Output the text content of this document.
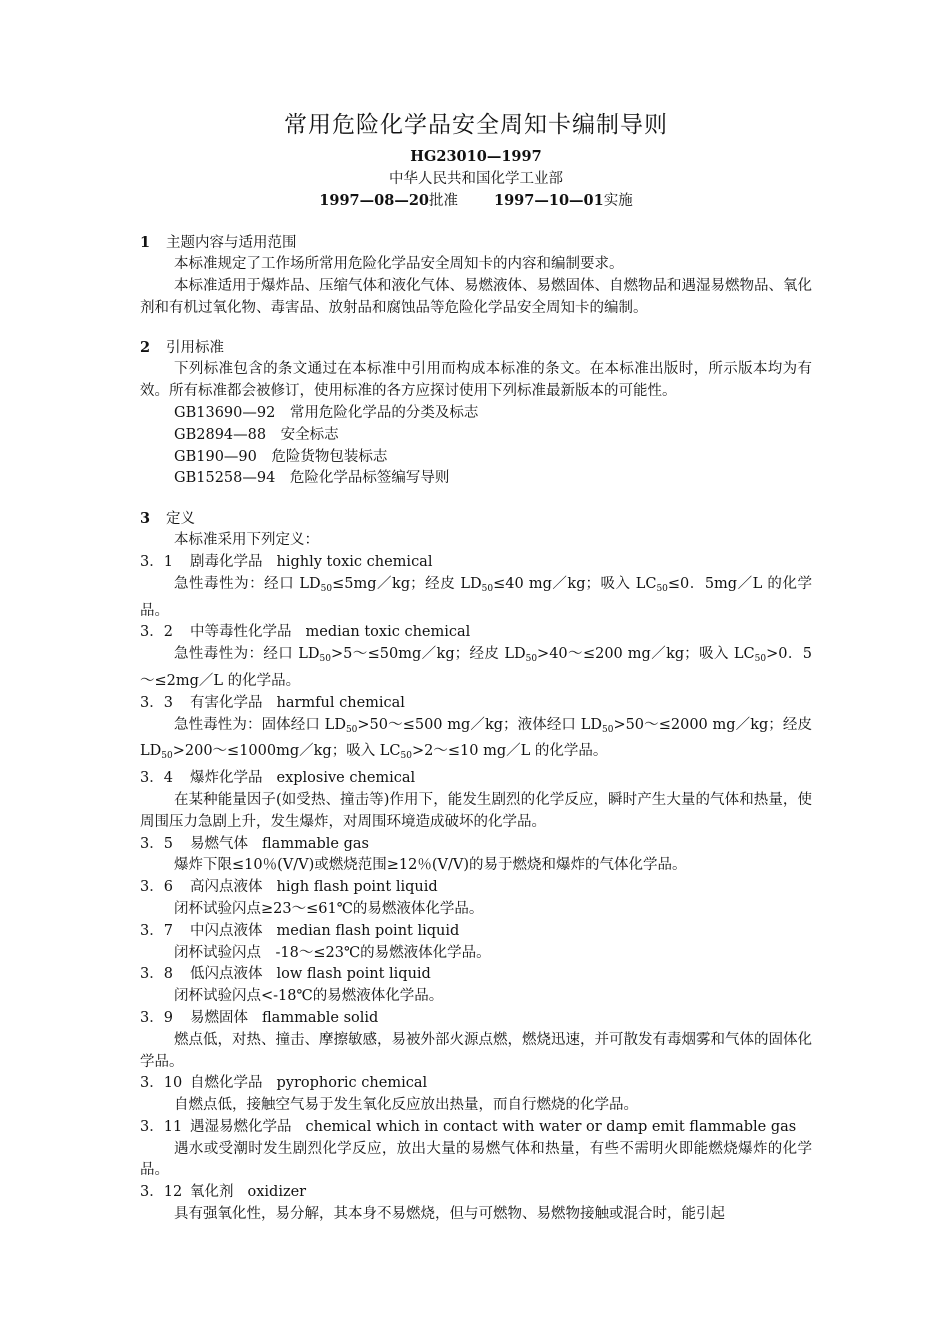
常用危险化学品安全周知卡编制导则
HG23010—1997
中华人民共和国化学工业部
1997—08—20批准 1997—10—01实施
1 主题内容与适用范围
本标准规定了工作场所常用危险化学品安全周知卡的内容和编制要求。
本标准适用于爆炸品、压缩气体和液化气体、易燃液体、易燃固体、自燃物品和遇湿易燃物品、氧化剂和有机过氧化物、毒害品、放射品和腐蚀品等危险化学品安全周知卡的编制。
2 引用标准
下列标准包含的条文通过在本标准中引用而构成本标准的条文。在本标准出版时，所示版本均为有效。所有标准都会被修订，使用标准的各方应探讨使用下列标准最新版本的可能性。
GB13690—92　 常用危险化学品的分类及标志
GB2894—88　 安全标志
GB190—90　 危险货物包装标志
GB15258—94　 危险化学品标签编写导则
3 定义
本标准采用下列定义：
3．1 剧毒化学品 highly toxic chemical
急性毒性为：经口 $LD_{50}\le 5mg/kg$；经皮 $LD_{50}\le 40$ mg／kg；吸入 $LC_{50}\le 0$．5mg／L 的化学品。
3．2 中等毒性化学品 median toxic chemical
急性毒性为：经口 $LD_{50}>5\sim\le 50mg/kg$；经皮 $LD_{50}>40\sim\le 200$ mg／kg；吸入 $LC_{50}>0$．5～≤2mg／L 的化学品。
3．3 有害化学品 harmful chemical
急性毒性为：固体经口 $LD_{50}>50\sim\le 500$ mg／kg；液体经口 $LD_{50}>50\sim\le 2000$ mg／kg；经皮 $LD_{50}>200\sim\le 1000mg/kg$；吸入 $LC_{50}>2\sim\le 10$ mg／L 的化学品。
3．4 爆炸化学品 explosive chemical
在某种能量因子(如受热、撞击等)作用下，能发生剧烈的化学反应，瞬时产生大量的气体和热量，使周围压力急剧上升，发生爆炸，对周围环境造成破坏的化学品。
3．5 易燃气体 flammable gas
爆炸下限≤10％(V/V)或燃烧范围≥12％(V/V)的易于燃烧和爆炸的气体化学品。
3．6 高闪点液体 high flash point liquid
闭杯试验闪点≥23～≤61℃的易燃液体化学品。
3．7 中闪点液体 median flash point liquid
闭杯试验闪点　-18～≤23℃的易燃液体化学品。
3．8 低闪点液体 low flash point liquid
闭杯试验闪点<-18℃的易燃液体化学品。
3．9 易燃固体 flammable solid
燃点低，对热、撞击、摩擦敏感，易被外部火源点燃，燃烧迅速，并可散发有毒烟雾和气体的固体化学品。
3．10 自燃化学品 pyrophoric chemical
自燃点低，接触空气易于发生氧化反应放出热量，而自行燃烧的化学品。
3．11 遇湿易燃化学品 chemical which in contact with water or damp emit flammable gas
遇水或受潮时发生剧烈化学反应，放出大量的易燃气体和热量，有些不需明火即能燃烧爆炸的化学品。
3．12 氧化剂 oxidizer
具有强氧化性，易分解，其本身不易燃烧，但与可燃物、易燃物接触或混合时，能引起
